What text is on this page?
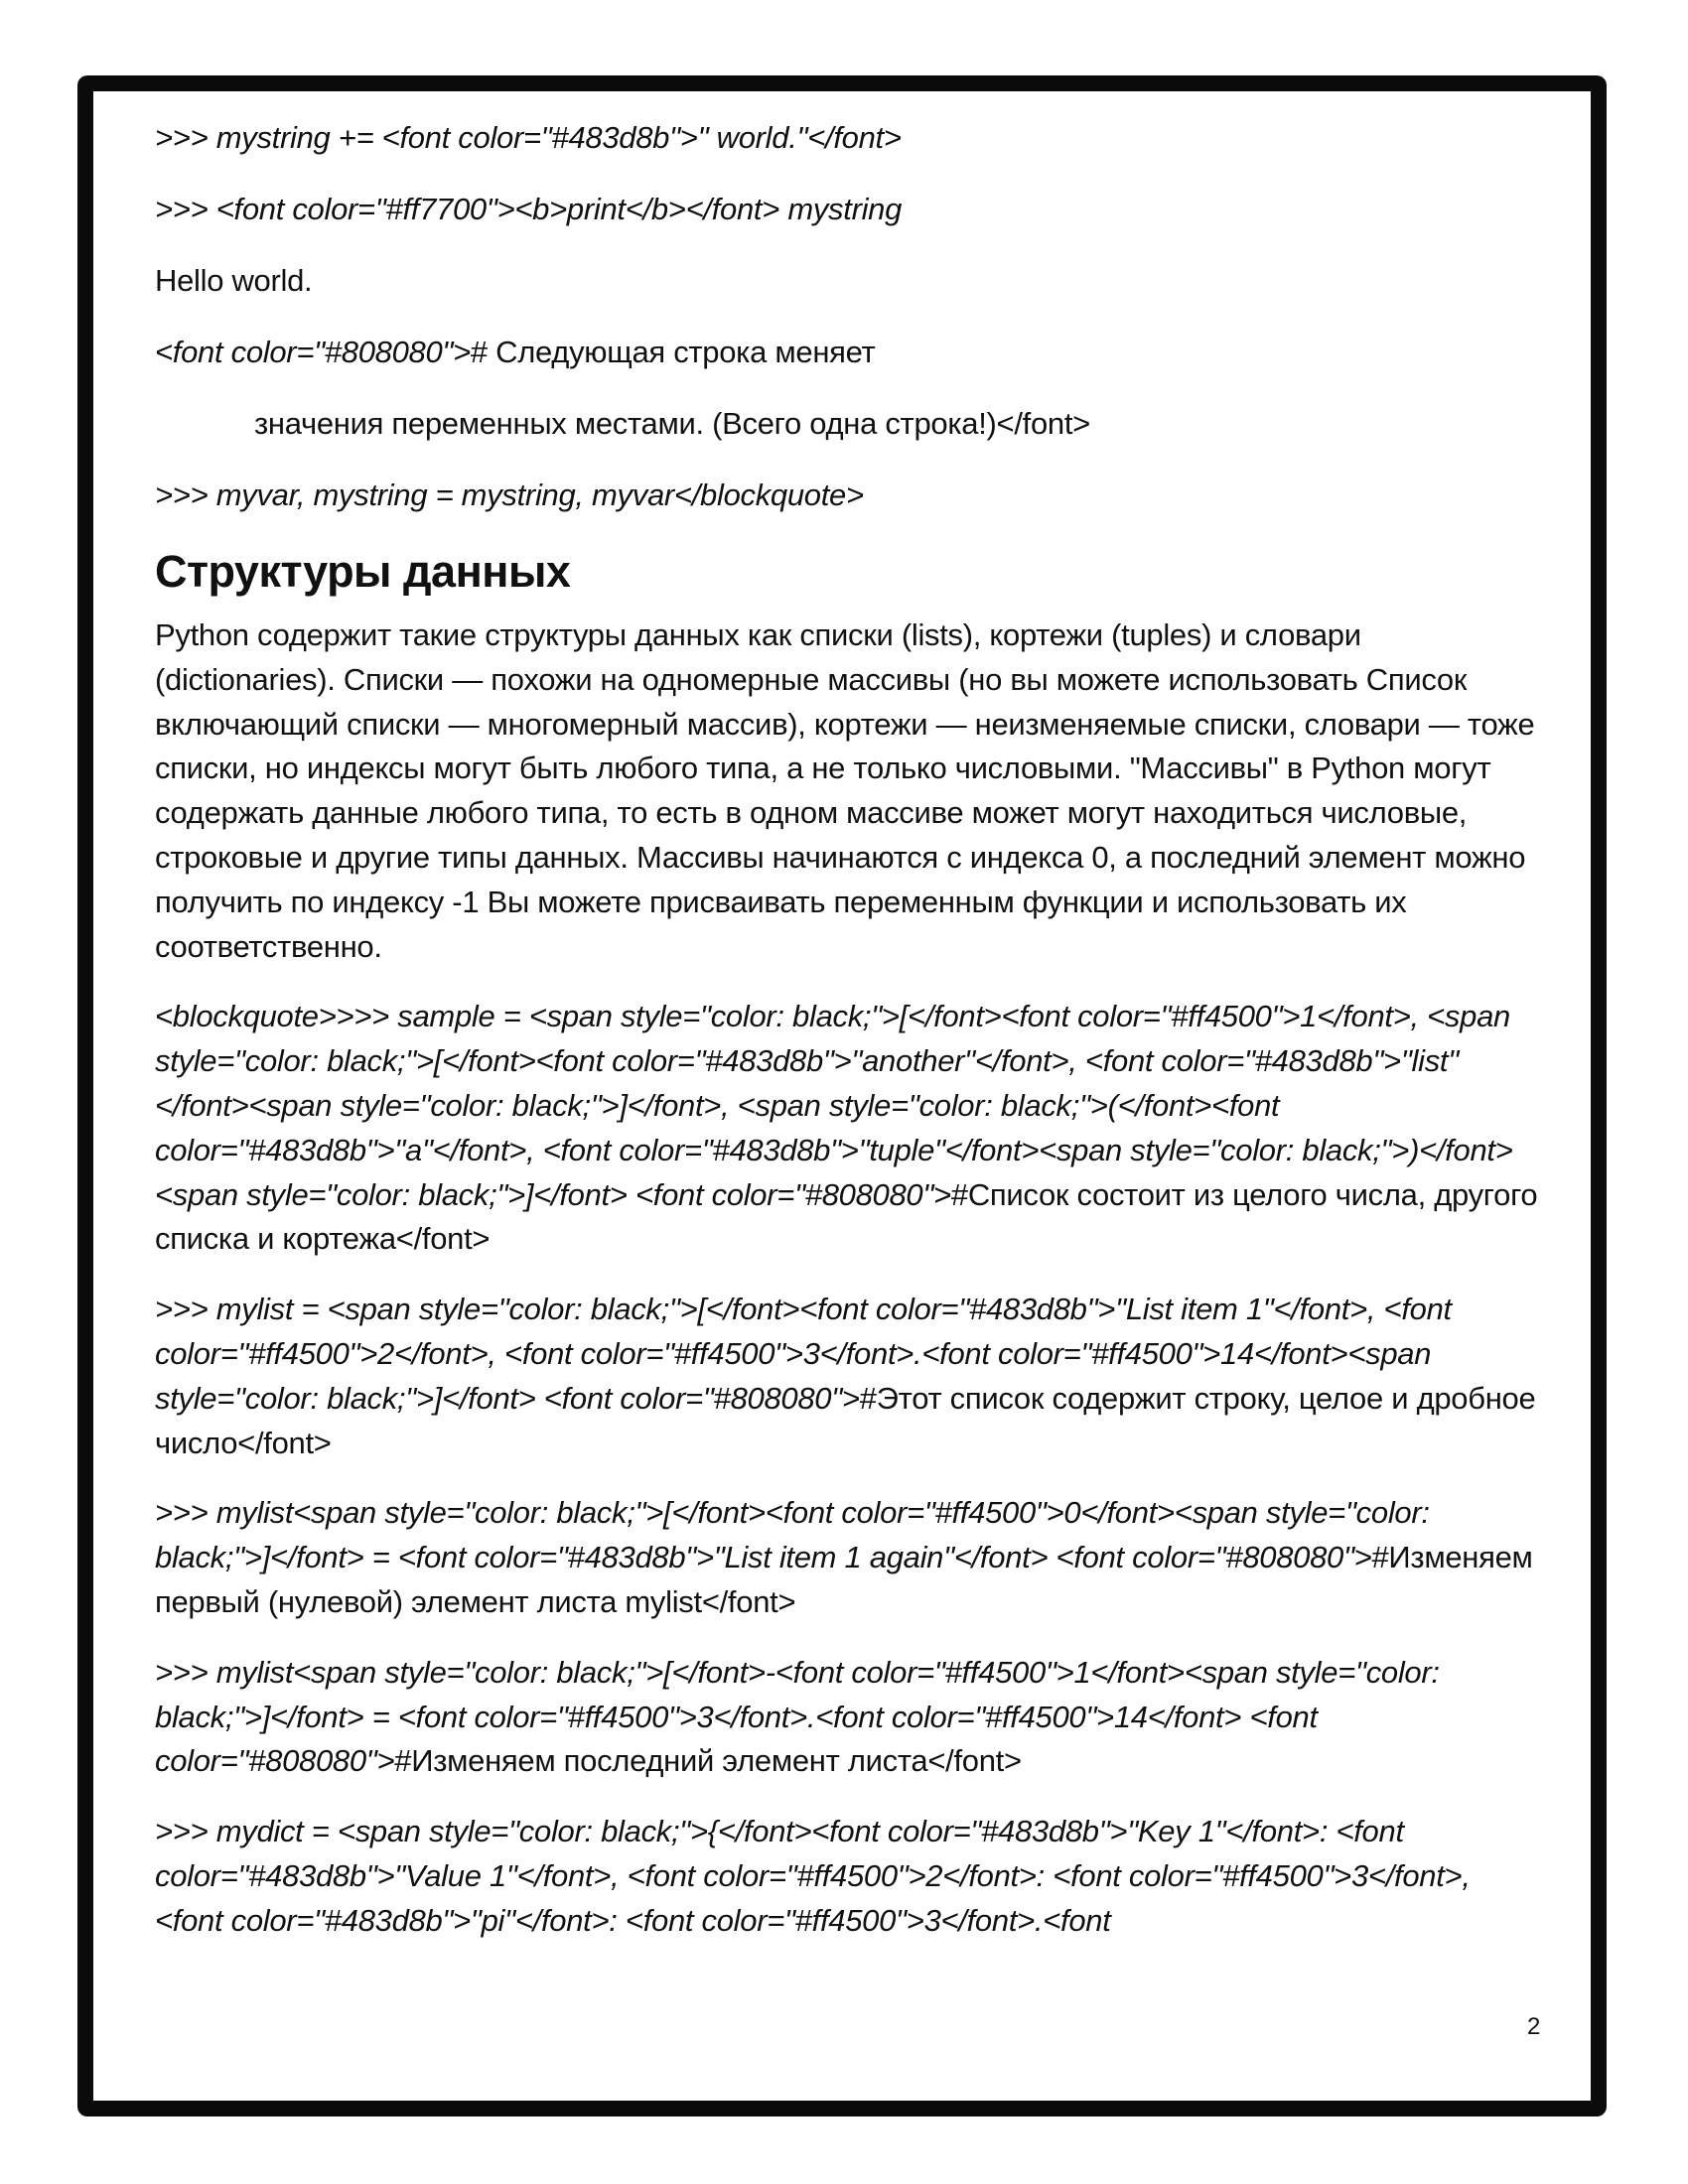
>>> mystring += <font color="#483d8b">" world."</font>

>>> <font color="#ff7700"><b>print</b></font> mystring

Hello world.

<font color="#808080"># Следующая строка меняет

значения переменных местами. (Всего одна строка!)</font>

>>> myvar, mystring = mystring, myvar</blockquote>

Структуры данных

Python содержит такие структуры данных как списки (lists), кортежи (tuples) и словари (dictionaries). Списки — похожи на одномерные массивы (но вы можете использовать Список включающий списки — многомерный массив), кортежи — неизменяемые списки, словари — тоже списки, но индексы могут быть любого типа, а не только числовыми. "Массивы" в Python могут содержать данные любого типа, то есть в одном массиве может могут находиться числовые, строковые и другие типы данных. Массивы начинаются с индекса 0, а последний элемент можно получить по индексу -1 Вы можете присваивать переменным функции и использовать их соответственно.

<blockquote>>>> sample = <span style="color: black;">[</font><font color="#ff4500">1</font>, <span style="color: black;">[</font><font color="#483d8b">"another"</font>, <font color="#483d8b">"list"</font><span style="color: black;">]</font>, <span style="color: black;">(</font><font color="#483d8b">"a"</font>, <font color="#483d8b">"tuple"</font><span style="color: black;">)</font><span style="color: black;">]</font> <font color="#808080">#Список состоит из целого числа, другого списка и кортежа</font>

>>> mylist = <span style="color: black;">[</font><font color="#483d8b">"List item 1"</font>, <font color="#ff4500">2</font>, <font color="#ff4500">3</font>.<font color="#ff4500">14</font><span style="color: black;">]</font> <font color="#808080">#Этот список содержит строку, целое и дробное число</font>

>>> mylist<span style="color: black;">[</font><font color="#ff4500">0</font><span style="color: black;">]</font> = <font color="#483d8b">"List item 1 again"</font> <font color="#808080">#Изменяем первый (нулевой) элемент листа mylist</font>

>>> mylist<span style="color: black;">[</font>-<font color="#ff4500">1</font><span style="color: black;">]</font> = <font color="#ff4500">3</font>.<font color="#ff4500">14</font> <font color="#808080">#Изменяем последний элемент листа</font>

>>> mydict = <span style="color: black;">{</font><font color="#483d8b">"Key 1"</font>: <font color="#483d8b">"Value 1"</font>, <font color="#ff4500">2</font>: <font color="#ff4500">3</font>, <font color="#483d8b">"pi"</font>: <font color="#ff4500">3</font>.<font

2
